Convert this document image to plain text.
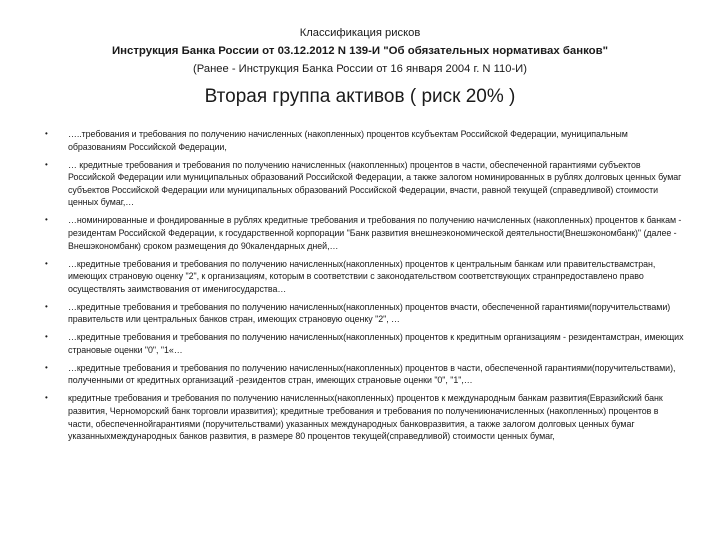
Классификация рисков
Инструкция Банка России от 03.12.2012 N 139-И "Об обязательных нормативах банков"
(Ранее - Инструкция Банка России от 16 января 2004 г. N 110-И)
Вторая группа активов ( риск 20% )
• …..требования и требования по получению начисленных (накопленных) процентов ксубъектам Российской Федерации, муниципальным образованиям Российской Федерации,
• … кредитные требования и требования по получению начисленных (накопленных) процентов в части, обеспеченной гарантиями субъектов Российской Федерации или муниципальных образований Российской Федерации, а также залогом номинированных в рублях долговых ценных бумаг субъектов Российской Федерации или муниципальных образований Российской Федерации, вчасти, равной текущей (справедливой) стоимости ценных бумаг,…
• …номинированные и фондированные в рублях кредитные требования и требования по получению начисленных (накопленных) процентов к банкам - резидентам Российской Федерации, к государственной корпорации "Банк развития внешнеэкономической деятельности(Внешэкономбанк)" (далее - Внешэкономбанк) сроком размещения до 90календарных дней,…
• …кредитные требования и требования по получению начисленных(накопленных) процентов к центральным банкам или правительствамстран, имеющих страновую оценку "2", к организациям, которым в соответствии с законодательством соответствующих странпредоставлено право осуществлять заимствования от именигосударства…
• …кредитные требования и требования по получению начисленных(накопленных) процентов вчасти, обеспеченной гарантиями(поручительствами) правительств или центральных банков стран, имеющих страновую оценку "2", …
• …кредитные требования и требования по получению начисленных(накопленных) процентов к кредитным организациям - резидентамстран, имеющих страновые оценки "0", "1«…
• …кредитные требования и требования по получению начисленных(накопленных) процентов в части, обеспеченной гарантиями(поручительствами), полученными от кредитных организаций -резидентов стран, имеющих страновые оценки "0", "1",…
• кредитные требования и требования по получению начисленных(накопленных) процентов к международным банкам развития(Евразийский банк развития, Черноморский банк торговли иразвития); кредитные требования и требования по получениюначисленных (накопленных) процентов в части, обеспеченнойгарантиями (поручительствами) указанных международных банковразвития, а также залогом долговых ценных бумаг указанныхмеждународных банков развития, в размере 80 процентов текущей(справедливой) стоимости ценных бумаг,
